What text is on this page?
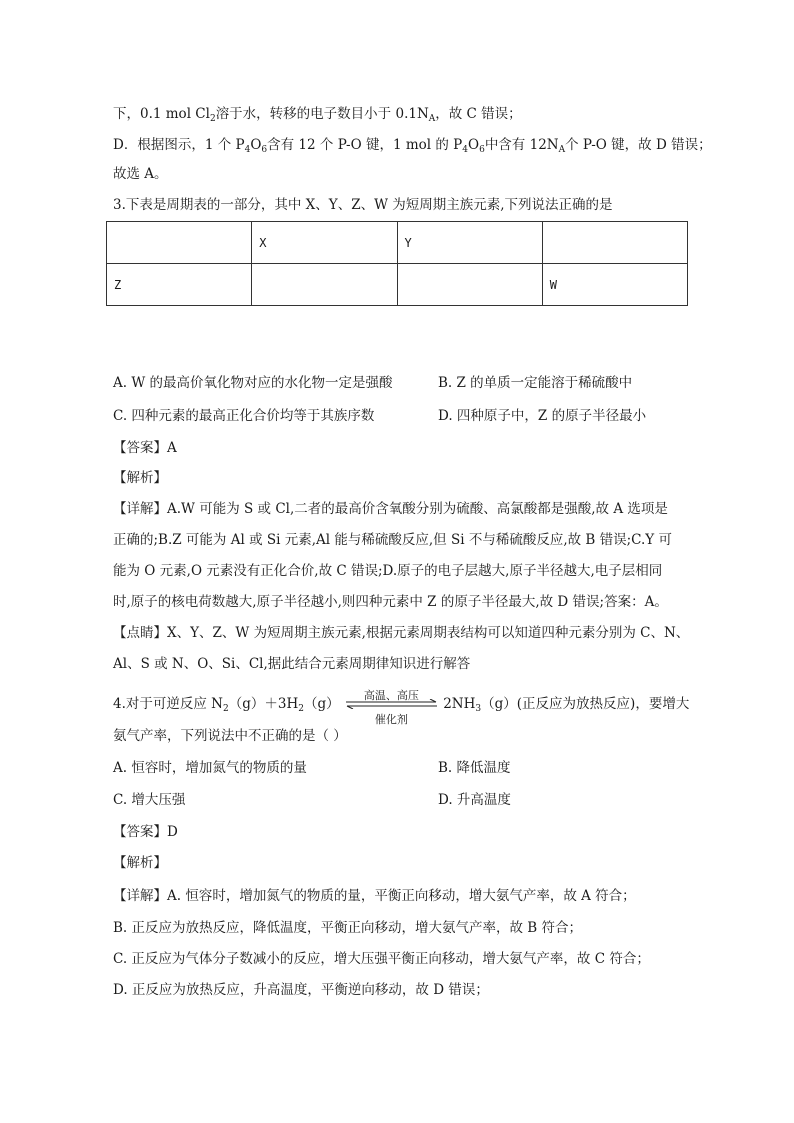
下，0.1 mol $Cl_2$溶于水，转移的电子数目小于 $0.1N_A$，故 C 错误；
D．根据图示，1 个 $P_4O_6$含有 12 个 P-O 键，1 mol 的 $P_4O_6$中含有 $12N_A$个 P-O 键，故 D 错误；
故选 A。
3.下表是周期表的一部分，其中 X、Y、Z、W 为短周期主族元素,下列说法正确的是
	X	Y	
Z			W
A. W 的最高价氧化物对应的水化物一定是强酸	B. Z 的单质一定能溶于稀硫酸中
C. 四种元素的最高正化合价均等于其族序数	D. 四种原子中，Z 的原子半径最小
【答案】A
【解析】
【详解】A.W 可能为 S 或 Cl,二者的最高价含氧酸分别为硫酸、高氯酸都是强酸,故 A 选项是
正确的;B.Z 可能为 Al 或 Si 元素,Al 能与稀硫酸反应,但 Si 不与稀硫酸反应,故 B 错误;C.Y 可
能为 O 元素,O 元素没有正化合价,故 C 错误;D.原子的电子层越大,原子半径越大,电子层相同
时,原子的核电荷数越大,原子半径越小,则四种元素中 Z 的原子半径最大,故 D 错误;答案：A。
【点睛】X、Y、Z、W 为短周期主族元素,根据元素周期表结构可以知道四种元素分别为 C、N、
Al、S 或 N、O、Si、Cl,据此结合元素周期律知识进行解答
4.对于可逆反应 $N_2(g)+3H_2(g)$
高温、高压
催化剂
$2NH_3(g)$(正反应为放热反应)，要增大
氨气产率，下列说法中不正确的是（ ）
A. 恒容时，增加氮气的物质的量	B. 降低温度
C. 增大压强	D. 升高温度
【答案】D
【解析】
【详解】A. 恒容时，增加氮气的物质的量，平衡正向移动，增大氨气产率，故 A 符合；
B. 正反应为放热反应，降低温度，平衡正向移动，增大氨气产率，故 B 符合；
C. 正反应为气体分子数减小的反应，增大压强平衡正向移动，增大氨气产率，故 C 符合；
D. 正反应为放热反应，升高温度，平衡逆向移动，故 D 错误；
